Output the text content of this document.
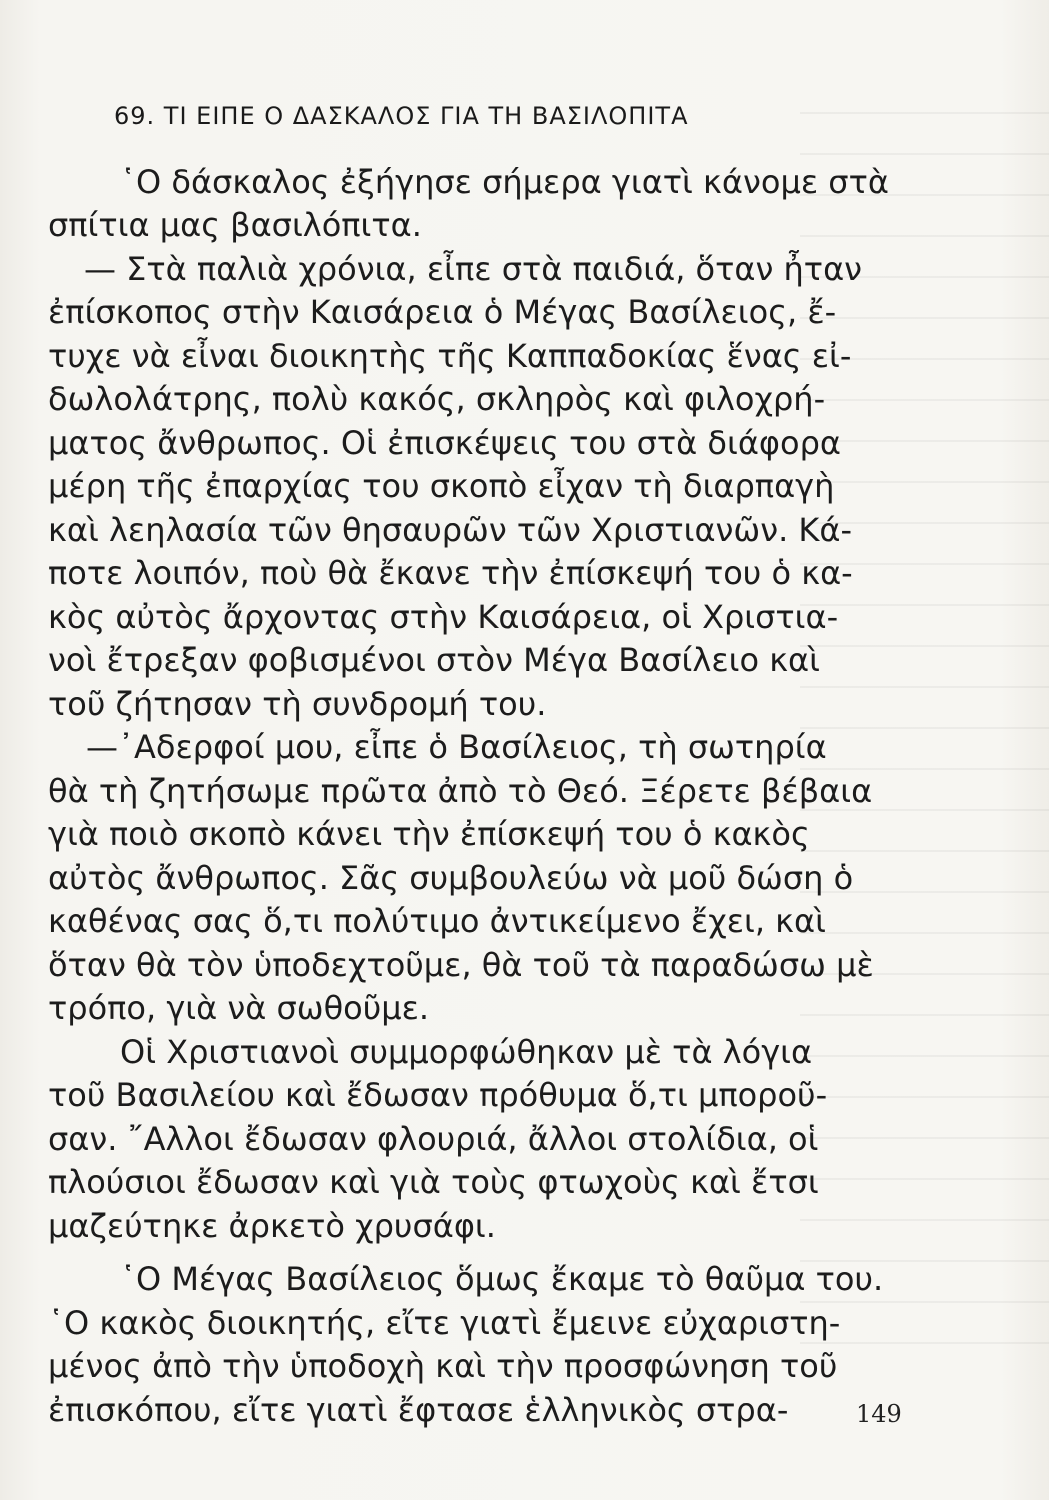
69. ΤΙ ΕΙΠΕ Ο ΔΑΣΚΑΛΟΣ ΓΙΑ ΤΗ ΒΑΣΙΛΟΠΙΤΑ
῾Ο δάσκαλος ἐξήγησε σήμερα γιατὶ κάνομε στὰ
σπίτια μας βασιλόπιτα.
— Στὰ παλιὰ χρόνια, εἶπε στὰ παιδιά, ὅταν ἦταν
ἐπίσκοπος στὴν Καισάρεια ὁ Μέγας Βασίλειος, ἔ-
τυχε νὰ εἶναι διοικητὴς τῆς Καππαδοκίας ἕνας εἰ-
δωλολάτρης, πολὺ κακός, σκληρὸς καὶ φιλοχρή-
ματος ἄνθρωπος. Οἱ ἐπισκέψεις του στὰ διάφορα
μέρη τῆς ἐπαρχίας του σκοπὸ εἶχαν τὴ διαρπαγὴ
καὶ λεηλασία τῶν θησαυρῶν τῶν Χριστιανῶν. Κά-
ποτε λοιπόν, ποὺ θὰ ἔκανε τὴν ἐπίσκεψή του ὁ κα-
κὸς αὐτὸς ἄρχοντας στὴν Καισάρεια, οἱ Χριστια-
νοὶ ἔτρεξαν φοβισμένοι στὸν Μέγα Βασίλειο καὶ
τοῦ ζήτησαν τὴ συνδρομή του.
—᾿Αδερφοί μου, εἶπε ὁ Βασίλειος, τὴ σωτηρία
θὰ τὴ ζητήσωμε πρῶτα ἀπὸ τὸ Θεό. Ξέρετε βέβαια
γιὰ ποιὸ σκοπὸ κάνει τὴν ἐπίσκεψή του ὁ κακὸς
αὐτὸς ἄνθρωπος. Σᾶς συμβουλεύω νὰ μοῦ δώση ὁ
καθένας σας ὅ,τι πολύτιμο ἀντικείμενο ἔχει, καὶ
ὅταν θὰ τὸν ὑποδεχτοῦμε, θὰ τοῦ τὰ παραδώσω μὲ
τρόπο, γιὰ νὰ σωθοῦμε.
Οἱ Χριστιανοὶ συμμορφώθηκαν μὲ τὰ λόγια
τοῦ Βασιλείου καὶ ἔδωσαν πρόθυμα ὅ,τι μποροῦ-
σαν. ῎Αλλοι ἔδωσαν φλουριά, ἄλλοι στολίδια, οἱ
πλούσιοι ἔδωσαν καὶ γιὰ τοὺς φτωχοὺς καὶ ἔτσι
μαζεύτηκε ἀρκετὸ χρυσάφι.
῾Ο Μέγας Βασίλειος ὅμως ἔκαμε τὸ θαῦμα του.
῾Ο κακὸς διοικητής, εἴτε γιατὶ ἔμεινε εὐχαριστη-
μένος ἀπὸ τὴν ὑποδοχὴ καὶ τὴν προσφώνηση τοῦ
ἐπισκόπου, εἴτε γιατὶ ἔφτασε ἑλληνικὸς στρα-	149
